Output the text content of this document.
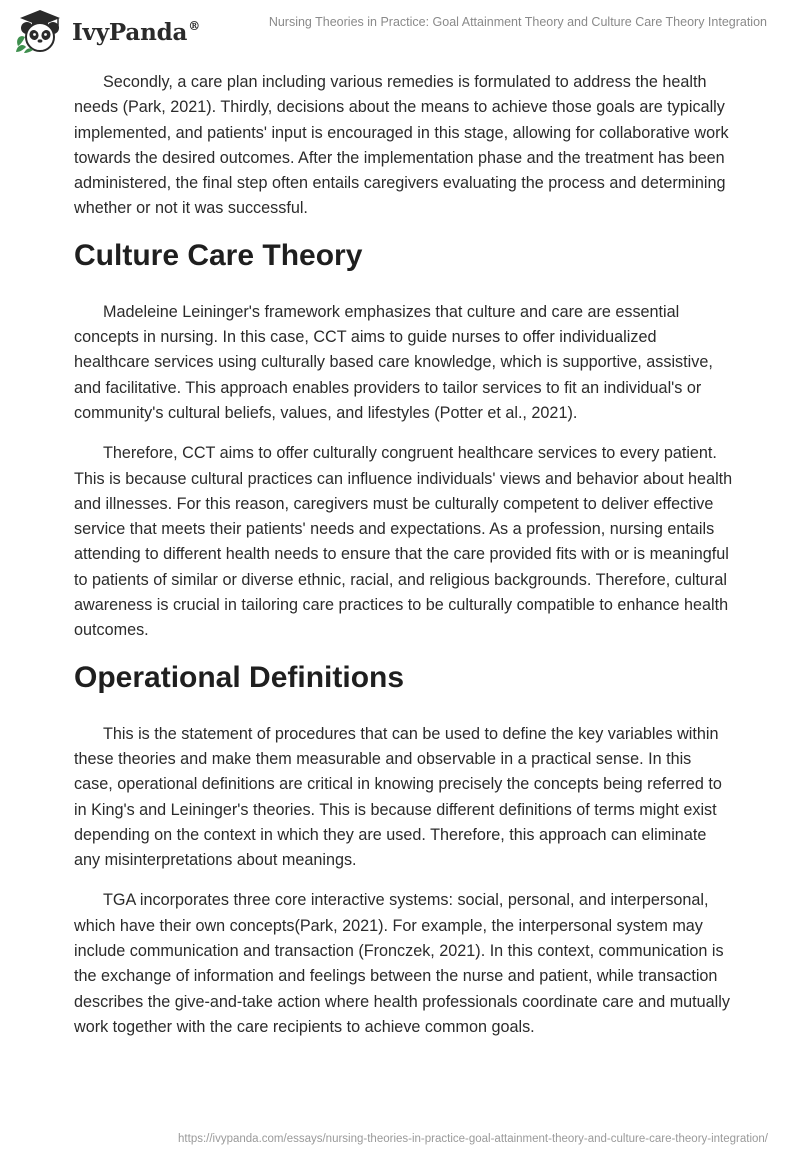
IvyPanda®	Nursing Theories in Practice: Goal Attainment Theory and Culture Care Theory Integration

Secondly, a care plan including various remedies is formulated to address the health needs (Park, 2021). Thirdly, decisions about the means to achieve those goals are typically implemented, and patients' input is encouraged in this stage, allowing for collaborative work towards the desired outcomes. After the implementation phase and the treatment has been administered, the final step often entails caregivers evaluating the process and determining whether or not it was successful.

Culture Care Theory

Madeleine Leininger's framework emphasizes that culture and care are essential concepts in nursing. In this case, CCT aims to guide nurses to offer individualized healthcare services using culturally based care knowledge, which is supportive, assistive, and facilitative. This approach enables providers to tailor services to fit an individual's or community's cultural beliefs, values, and lifestyles (Potter et al., 2021).

Therefore, CCT aims to offer culturally congruent healthcare services to every patient. This is because cultural practices can influence individuals' views and behavior about health and illnesses. For this reason, caregivers must be culturally competent to deliver effective service that meets their patients' needs and expectations. As a profession, nursing entails attending to different health needs to ensure that the care provided fits with or is meaningful to patients of similar or diverse ethnic, racial, and religious backgrounds. Therefore, cultural awareness is crucial in tailoring care practices to be culturally compatible to enhance health outcomes.

Operational Definitions

This is the statement of procedures that can be used to define the key variables within these theories and make them measurable and observable in a practical sense. In this case, operational definitions are critical in knowing precisely the concepts being referred to in King's and Leininger's theories. This is because different definitions of terms might exist depending on the context in which they are used. Therefore, this approach can eliminate any misinterpretations about meanings.

TGA incorporates three core interactive systems: social, personal, and interpersonal, which have their own concepts(Park, 2021). For example, the interpersonal system may include communication and transaction (Fronczek, 2021). In this context, communication is the exchange of information and feelings between the nurse and patient, while transaction describes the give-and-take action where health professionals coordinate care and mutually work together with the care recipients to achieve common goals.

https://ivypanda.com/essays/nursing-theories-in-practice-goal-attainment-theory-and-culture-care-theory-integration/
